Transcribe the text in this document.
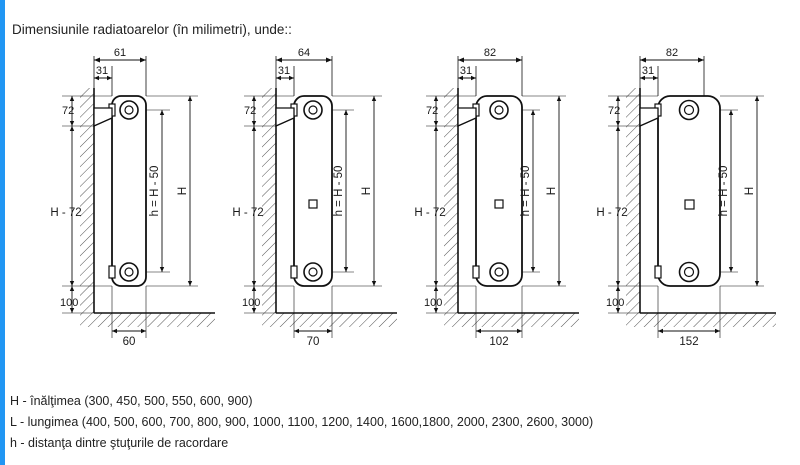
Dimensiunile radiatoarelor (în milimetri), unde::
61
31
72
H - 72
100
h = H - 50 H
60
64
31
72
H - 72
100
h = H - 50 H
70
82
31
72
H - 72
100
h = H - 50 H
102
82
31
72
H - 72
100
h = H - 50 H
152
H - înălţimea (300, 450, 500, 550, 600, 900)
L - lungimea (400, 500, 600, 700, 800, 900, 1000, 1100, 1200, 1400, 1600,1800, 2000, 2300, 2600, 3000)
h - distanţa dintre ştuţurile de racordare
